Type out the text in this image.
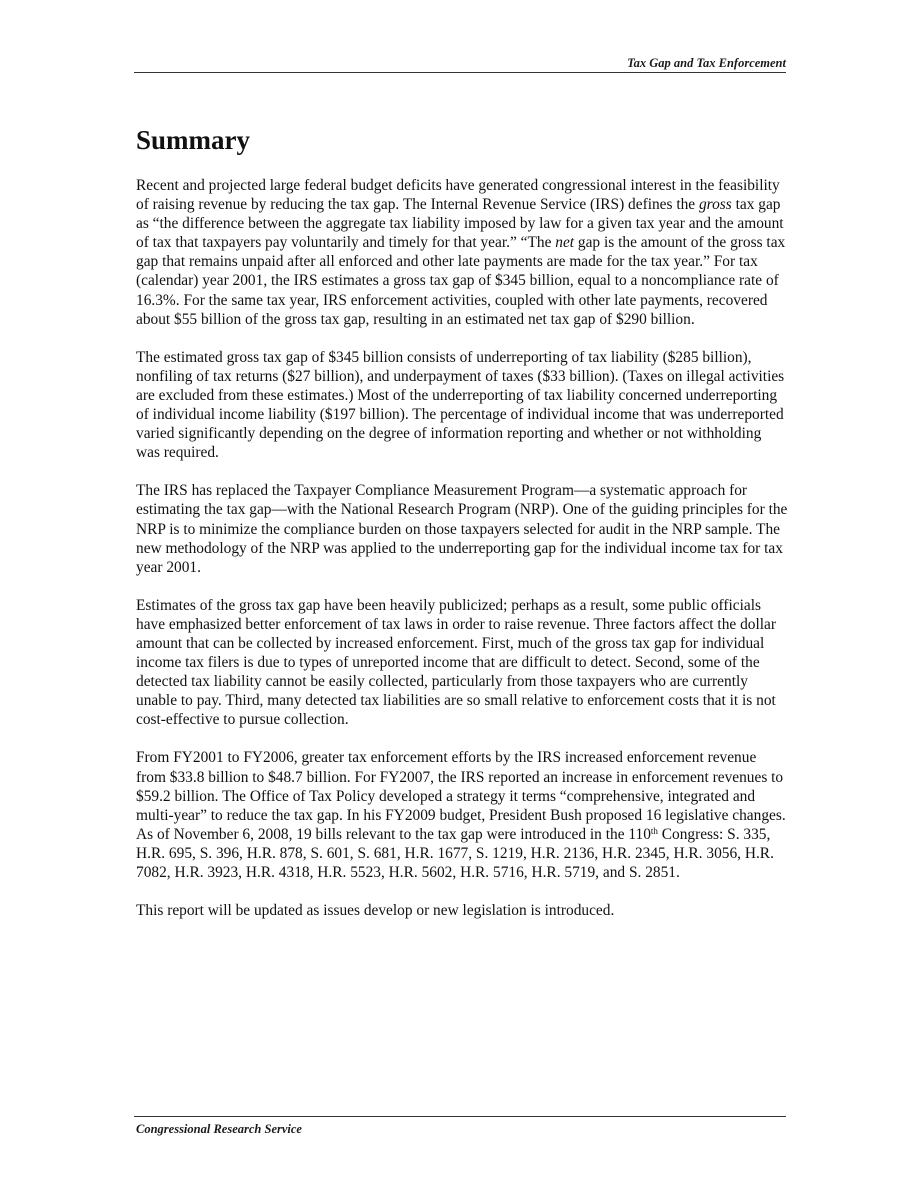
Tax Gap and Tax Enforcement
Summary

Recent and projected large federal budget deficits have generated congressional interest in the feasibility of raising revenue by reducing the tax gap. The Internal Revenue Service (IRS) defines the gross tax gap as “the difference between the aggregate tax liability imposed by law for a given tax year and the amount of tax that taxpayers pay voluntarily and timely for that year.” “The net gap is the amount of the gross tax gap that remains unpaid after all enforced and other late payments are made for the tax year.” For tax (calendar) year 2001, the IRS estimates a gross tax gap of $345 billion, equal to a noncompliance rate of 16.3%. For the same tax year, IRS enforcement activities, coupled with other late payments, recovered about $55 billion of the gross tax gap, resulting in an estimated net tax gap of $290 billion.

The estimated gross tax gap of $345 billion consists of underreporting of tax liability ($285 billion), nonfiling of tax returns ($27 billion), and underpayment of taxes ($33 billion). (Taxes on illegal activities are excluded from these estimates.) Most of the underreporting of tax liability concerned underreporting of individual income liability ($197 billion). The percentage of individual income that was underreported varied significantly depending on the degree of information reporting and whether or not withholding was required.

The IRS has replaced the Taxpayer Compliance Measurement Program—a systematic approach for estimating the tax gap—with the National Research Program (NRP). One of the guiding principles for the NRP is to minimize the compliance burden on those taxpayers selected for audit in the NRP sample. The new methodology of the NRP was applied to the underreporting gap for the individual income tax for tax year 2001.

Estimates of the gross tax gap have been heavily publicized; perhaps as a result, some public officials have emphasized better enforcement of tax laws in order to raise revenue. Three factors affect the dollar amount that can be collected by increased enforcement. First, much of the gross tax gap for individual income tax filers is due to types of unreported income that are difficult to detect. Second, some of the detected tax liability cannot be easily collected, particularly from those taxpayers who are currently unable to pay. Third, many detected tax liabilities are so small relative to enforcement costs that it is not cost-effective to pursue collection.

From FY2001 to FY2006, greater tax enforcement efforts by the IRS increased enforcement revenue from $33.8 billion to $48.7 billion. For FY2007, the IRS reported an increase in enforcement revenues to $59.2 billion. The Office of Tax Policy developed a strategy it terms “comprehensive, integrated and multi-year” to reduce the tax gap. In his FY2009 budget, President Bush proposed 16 legislative changes. As of November 6, 2008, 19 bills relevant to the tax gap were introduced in the 110th Congress: S. 335, H.R. 695, S. 396, H.R. 878, S. 601, S. 681, H.R. 1677, S. 1219, H.R. 2136, H.R. 2345, H.R. 3056, H.R. 7082, H.R. 3923, H.R. 4318, H.R. 5523, H.R. 5602, H.R. 5716, H.R. 5719, and S. 2851.

This report will be updated as issues develop or new legislation is introduced.

Congressional Research Service
